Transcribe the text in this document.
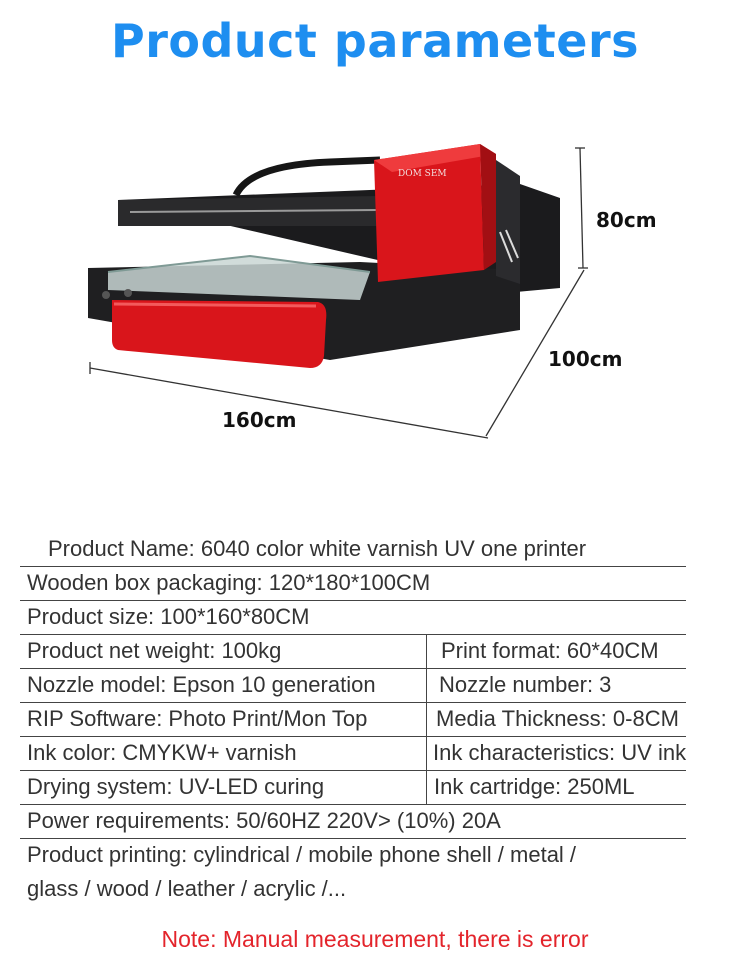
Product parameters
DOM SEM
80cm
100cm
160cm
Product Name: 6040 color white varnish UV one printer
Wooden box packaging: 120*180*100CM
Product size: 100*160*80CM
Product net weight: 100kg	Print format: 60*40CM
Nozzle model: Epson 10 generation	Nozzle number: 3
RIP Software: Photo Print/Mon Top	Media Thickness: 0-8CM
Ink color: CMYKW+ varnish	Ink characteristics: UV ink
Drying system: UV-LED curing	Ink cartridge: 250ML
Power requirements: 50/60HZ 220V> (10%) 20A
Product printing: cylindrical / mobile phone shell / metal /
glass / wood / leather / acrylic /...
Note: Manual measurement, there is error
